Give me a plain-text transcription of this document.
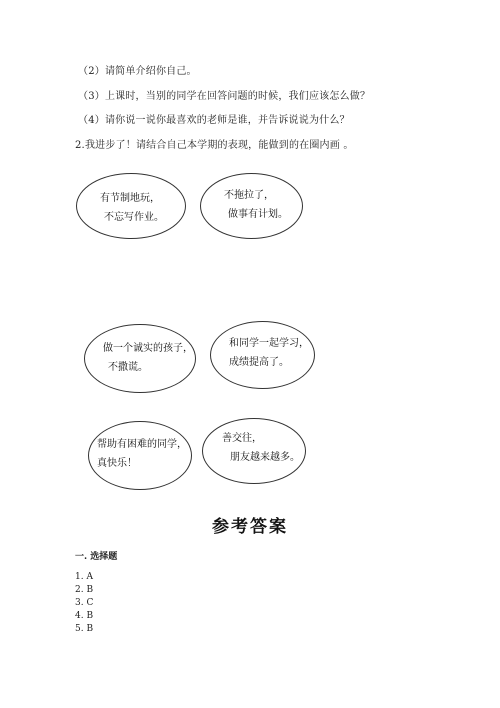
（2）请简单介绍你自己。
（3）上课时，当别的同学在回答问题的时候，我们应该怎么做？
（4）请你说一说你最喜欢的老师是谁，并告诉说说为什么？
2.我进步了！请结合自己本学期的表现，能做到的在圈内画 。
有节制地玩，
不忘写作业。
不拖拉了，
做事有计划。
做一个诚实的孩子，
不撒谎。
和同学一起学习，
成绩提高了。
帮助有困难的同学，
真快乐！
善交往，
朋友越来越多。
参考答案
一. 选择题
1. A
2. B
3. C
4. B
5. B
